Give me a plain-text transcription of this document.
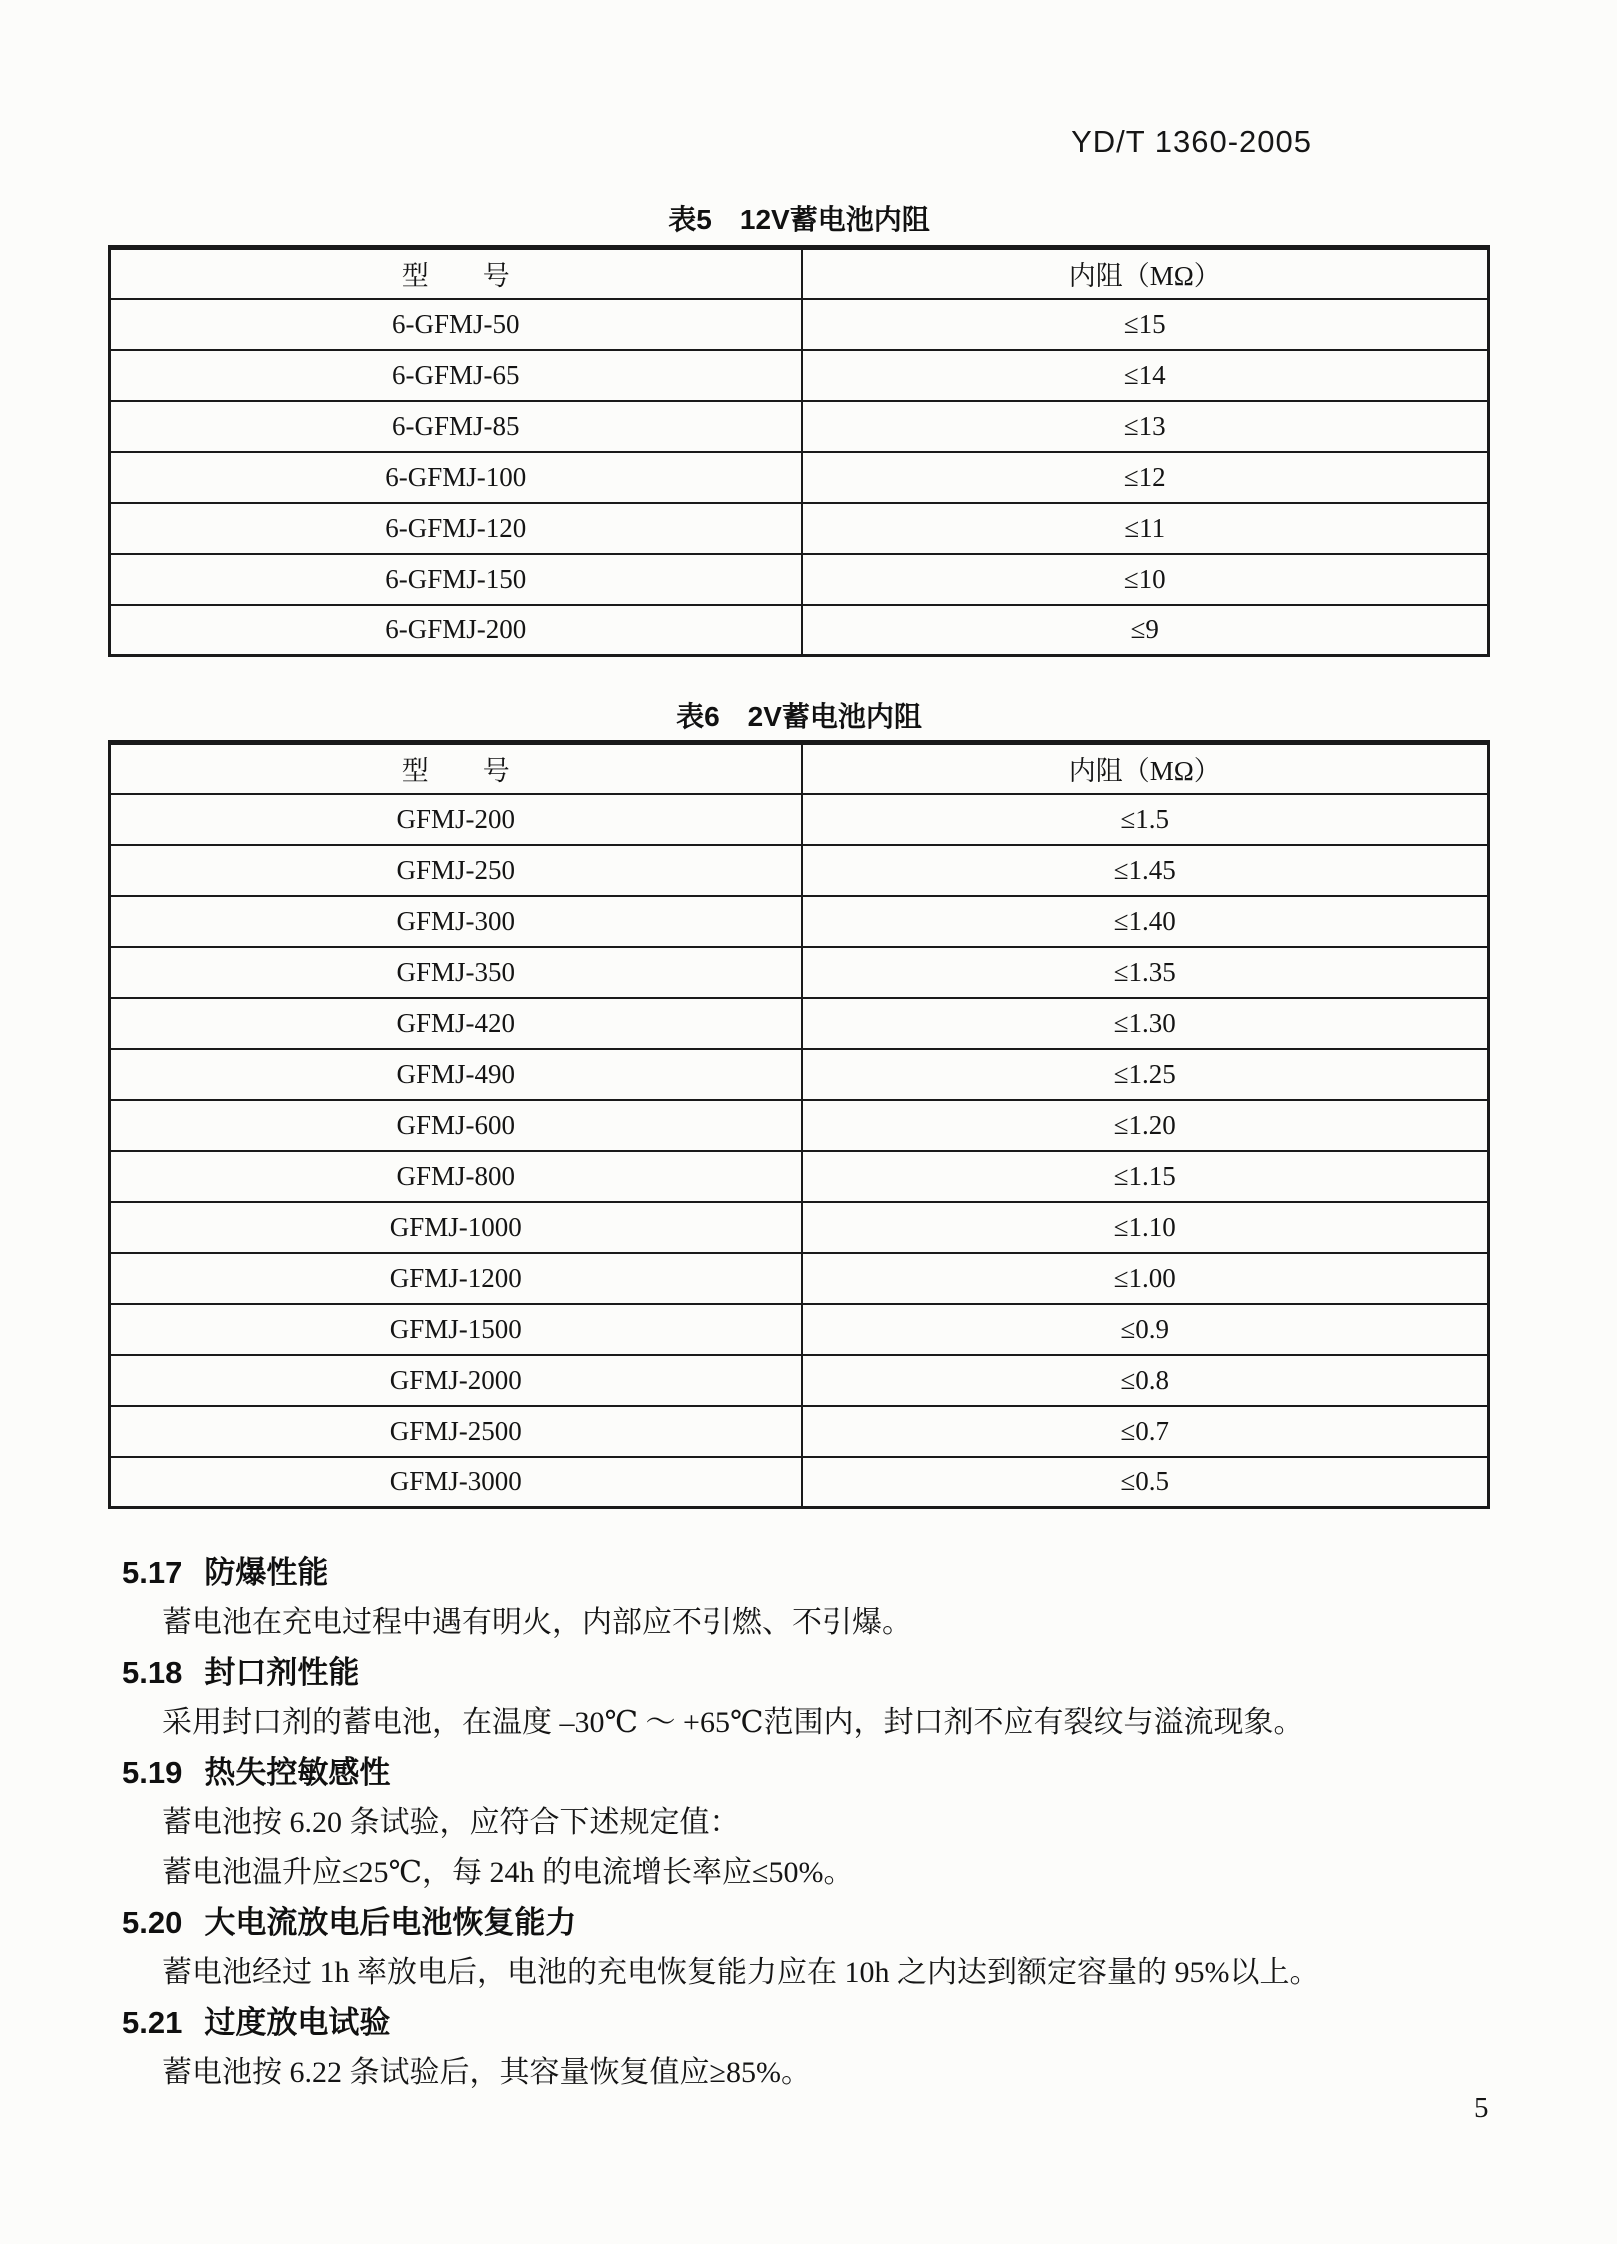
YD/T 1360-2005
表5　12V蓄电池内阻
型　　号	内阻（MΩ）
6-GFMJ-50	≤15
6-GFMJ-65	≤14
6-GFMJ-85	≤13
6-GFMJ-100	≤12
6-GFMJ-120	≤11
6-GFMJ-150	≤10
6-GFMJ-200	≤9
表6　2V蓄电池内阻
型　　号	内阻（MΩ）
GFMJ-200	≤1.5
GFMJ-250	≤1.45
GFMJ-300	≤1.40
GFMJ-350	≤1.35
GFMJ-420	≤1.30
GFMJ-490	≤1.25
GFMJ-600	≤1.20
GFMJ-800	≤1.15
GFMJ-1000	≤1.10
GFMJ-1200	≤1.00
GFMJ-1500	≤0.9
GFMJ-2000	≤0.8
GFMJ-2500	≤0.7
GFMJ-3000	≤0.5
5.17 防爆性能
蓄电池在充电过程中遇有明火，内部应不引燃、不引爆。
5.18 封口剂性能
采用封口剂的蓄电池，在温度 –30℃ ～ +65℃范围内，封口剂不应有裂纹与溢流现象。
5.19 热失控敏感性
蓄电池按 6.20 条试验，应符合下述规定值：
蓄电池温升应≤25℃，每 24h 的电流增长率应≤50%。
5.20 大电流放电后电池恢复能力
蓄电池经过 1h 率放电后，电池的充电恢复能力应在 10h 之内达到额定容量的 95%以上。
5.21 过度放电试验
蓄电池按 6.22 条试验后，其容量恢复值应≥85%。
5
